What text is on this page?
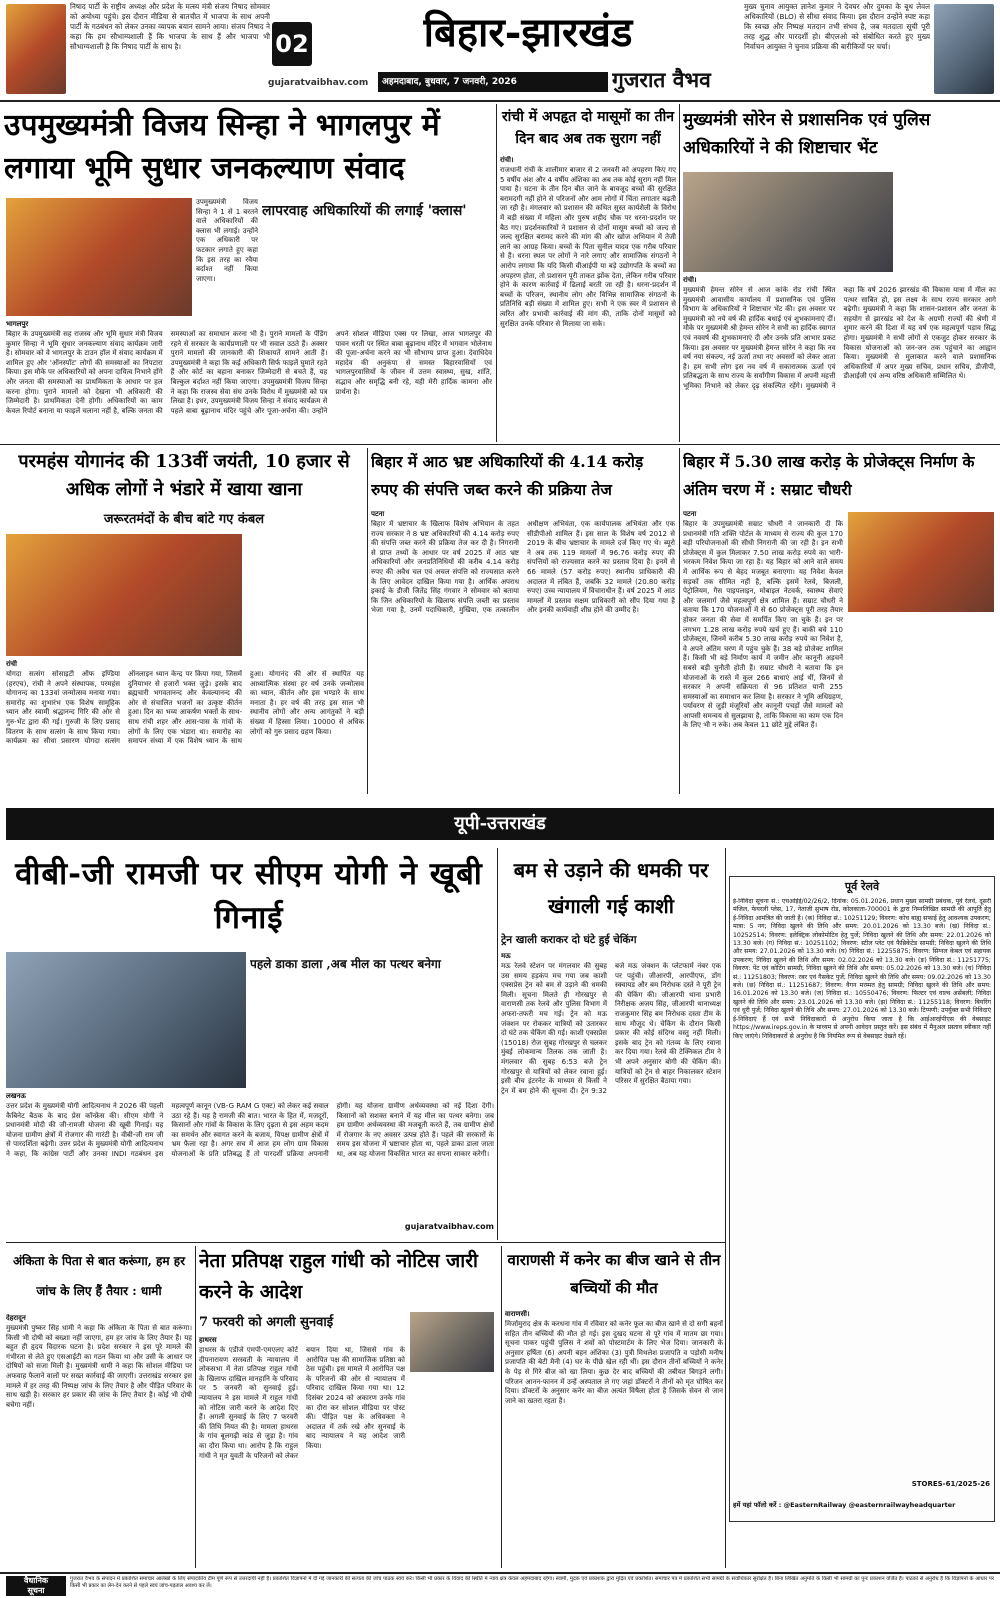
निषाद पार्टी के राष्ट्रीय अध्यक्ष और प्रदेश के मत्स्य मंत्री संजय निषाद सोमवार को अयोध्या पहुंचे। इस दौरान मीडिया से बातचीत में भाजपा के साथ अपनी पार्टी के गठबंधन को लेकर उनका व्यापक बयान सामने आया। संजय निषाद ने कहा कि हम सौभाग्यशाली हैं कि भाजपा के साथ हैं और भाजपा भी सौभाग्यशाली है कि निषाद पार्टी के साथ है।	02
gujaratvaibhav.com
बिहार-झारखंड
अहमदाबाद, बुधवार, 7 जनवरी, 2026	गुजरात वैभव
मुख्य चुनाव आयुक्त ज्ञानेश कुमार ने देवघर और दुमका के बूथ लेवल अधिकारियों (BLO) से सीधा संवाद किया। इस दौरान उन्होंने स्पष्ट कहा कि स्वच्छ और निष्पक्ष मतदान तभी संभव है, जब मतदाता सूची पूरी तरह शुद्ध और पारदर्शी हो। बीएलओ को संबोधित करते हुए मुख्य निर्वाचन आयुक्त ने चुनाव प्रक्रिया की बारीकियों पर चर्चा।
उपमुख्यमंत्री विजय सिन्हा ने भागलपुर में लगाया भूमि सुधार जनकल्याण संवाद
उपमुख्यमंत्री विजय सिन्हा ने 1 से 1 बरतने वाले अधिकारियों की क्लास भी लगाई। उन्होंने एक अधिकारी पर फटकार लगाते हुए कहा कि इस तरह का रवैया बर्दाश्त नहीं किया जाएगा।
लापरवाह अधिकारियों की लगाई 'क्लास'
भागलपुर
बिहार के उपमुख्यमंत्री सह राजस्व और भूमि सुधार मंत्री विजय कुमार सिन्हा ने भूमि सुधार जनकल्याण संवाद कार्यक्रम जारी है। सोमवार को वे भागलपुर के टाउन हॉल में संवाद कार्यक्रम में शामिल हुए और 'ऑनस्पॉट' लोगों की समस्याओं का निपटारा किया। इस मौके पर अधिकारियों को अपना दायित्व निभाने होंगे और जनता की समस्याओं का प्राथमिकता के आधार पर हल करना होगा। पुराने मामलों को देखना भी अधिकारी की जिम्मेदारी है। प्राथमिकता देनी होगी। अधिकारियों का काम केवल रिपोर्ट बनाना या फाइलें चलाना नहीं है, बल्कि जनता की समस्याओं का समाधान करना भी है। पुराने मामलों के पेंडिंग रहने से सरकार के कार्यप्रणाली पर भी सवाल उठते हैं। अक्सर पुराने मामलों की जानकारी की शिकायतें सामने आती हैं। उपमुख्यमंत्री ने कहा कि कई अधिकारी सिर्फ फाइलें घुमाते रहते हैं और कोर्ट का बहाना बनाकर जिम्मेदारी से बचते हैं, यह बिल्कुल बर्दाश्त नहीं किया जाएगा। उपमुख्यमंत्री विजय सिन्हा ने कहा कि राजस्व सेवा संघ उनके विरोध में मुख्यमंत्री को पत्र लिखा है। इधर, उपमुख्यमंत्री विजय सिन्हा ने संवाद कार्यक्रम से पहले बाबा बूढ़ानाथ मंदिर पहुंचे और पूजा-अर्चना की। उन्होंने अपने सोशल मीडिया एक्स पर लिखा, आज भागलपुर की पावन धरती पर स्थित बाबा बूढ़ानाथ मंदिर में भगवान भोलेनाथ की पूजा-अर्चना करने का भी सौभाग्य प्राप्त हुआ। देवाधिदेव महादेव की अनुकंपा से समस्त बिहारवासियों एवं भागलपुरवासियों के जीवन में उत्तम स्वास्थ्य, सुख, शांति, सद्भाव और समृद्धि बनी रहे, यही मेरी हार्दिक कामना और प्रार्थना है।
रांची में अपहृत दो मासूमों का तीन दिन बाद अब तक सुराग नहीं
रांची।
राजधानी रांची के शालीमार बाजार से 2 जनवरी को अपहरण किए गए 5 वर्षीय अंश और 4 वर्षीय अंशिका का अब तक कोई सुराग नहीं मिल पाया है। घटना के तीन दिन बीत जाने के बावजूद बच्चों की सुरक्षित बरामदगी नहीं होने से परिजनों और आम लोगों में चिंता लगातार बढ़ती जा रही है। मंगलवार को प्रशासन की कथित सुस्त कार्यशैली के विरोध में बड़ी संख्या में महिला और पुरुष शहीद चौक पर धरना-प्रदर्शन पर बैठ गए। प्रदर्शनकारियों ने प्रशासन से दोनों मासूम बच्चों को जल्द से जल्द सुरक्षित बरामद करने की मांग की और खोज अभियान में तेजी लाने का आग्रह किया। बच्चों के पिता सुनील यादव एक गरीब परिवार से हैं। धरना स्थल पर लोगों ने नारे लगाए और सामाजिक संगठनों ने आरोप लगाया कि यदि किसी वीआईपी या बड़े उद्योगपति के बच्चों का अपहरण होता, तो प्रशासन पूरी ताकत झोंक देता, लेकिन गरीब परिवार होने के कारण कार्रवाई में ढिलाई बरती जा रही है। धरना-प्रदर्शन में बच्चों के परिजन, स्थानीय लोग और विभिन्न सामाजिक संगठनों के प्रतिनिधि बड़ी संख्या में शामिल हुए। सभी ने एक स्वर में प्रशासन से त्वरित और प्रभावी कार्रवाई की मांग की, ताकि दोनों मासूमों को सुरक्षित उनके परिवार से मिलाया जा सके।
मुख्यमंत्री सोरेन से प्रशासनिक एवं पुलिस अधिकारियों ने की शिष्टाचार भेंट
रांची।
मुख्यमंत्री हेमन्त सोरेन से आज कांके रोड रांची स्थित मुख्यमंत्री आवासीय कार्यालय में प्रशासनिक एवं पुलिस विभाग के अधिकारियों ने शिष्टाचार भेंट की। इस अवसर पर मुख्यमंत्री को नये वर्ष की हार्दिक बधाई एवं शुभकामनाएं दीं। मौके पर मुख्यमंत्री श्री हेमन्त सोरेन ने सभी का हार्दिक स्वागत एवं नववर्ष की शुभकामनाएं दी और उनके प्रति आभार प्रकट किया। इस अवसर पर मुख्यमंत्री हेमन्त सोरेन ने कहा कि नव वर्ष नया संकल्प, नई ऊर्जा तथा नए अवसरों को लेकर आता है। हम सभी लोग इस नव वर्ष में सकारात्मक ऊर्जा एवं प्रतिबद्धता के साथ राज्य के सर्वांगीण विकास में अपनी महत्ती भूमिका निभाने को लेकर दृढ़ संकल्पित रहेंगे। मुख्यमंत्री ने कहा कि वर्ष 2026 झारखंड की विकास यात्रा में मील का पत्थर साबित हो, इस लक्ष्य के साथ राज्य सरकार आगे बढ़ेगी। मुख्यमंत्री ने कहा कि शासन-प्रशासन और जनता के सहयोग से झारखंड को देश के अग्रणी राज्यों की श्रेणी में शुमार करने की दिशा में यह वर्ष एक महत्वपूर्ण पड़ाव सिद्ध होगा। मुख्यमंत्री ने सभी लोगों से एकजुट होकर सरकार के विकास योजनाओं को जन-जन तक पहुंचाने का आह्वान किया। मुख्यमंत्री से मुलाकात करने वाले प्रशासनिक अधिकारियों में अपर मुख्य सचिव, प्रधान सचिव, डीजीपी, डीआईजी एवं अन्य वरिष्ठ अधिकारी सम्मिलित थे।
परमहंस योगानंद की 133वीं जयंती, 10 हजार से अधिक लोगों ने भंडारे में खाया खाना
जरूरतमंदों के बीच बांटे गए कंबल
रांची
योगदा सत्संग सोसाइटी ऑफ इण्डिया (हरएच), रांची ने अपने संस्थापक, परमहंस योगानन्द का 133वां जन्मोत्सव मनाया गया। समारोह का शुभारंभ एक विशेष सामूहिक ध्यान और स्वामी श्रद्धानन्द गिरि की ओर से गुरु-भेंट द्वारा की गई। गुरुजी के लिए प्रसाद वितरण के साथ सत्संग के साथ किया गया। कार्यक्रम का सीधा प्रसारण योगदा सत्संग ऑनलाइन ध्यान केन्द्र पर किया गया, जिसमें दुनियाभर से हजारों भक्त जुड़े। इसके बाद ब्रह्मचारी भगवतानन्द और केवल्यानन्द की ओर से संचालित भजनों का उत्कृष्ट कीर्तन हुआ। दिन का भव्य आकर्षण भक्तों के साथ-साथ रांची शहर और आस-पास के गांवों के लोगों के लिए एक भंडारा था। समारोह का समापन संध्या में एक विशेष ध्यान के साथ हुआ। योगानंद की ओर से स्थापित यह आध्यात्मिक संस्था हर वर्ष उनके जन्मोत्सव का ध्यान, कीर्तन और इस भण्डारे के साथ मनाता है। हर वर्ष की तरह इस साल भी स्थानीय लोगों और अन्य आगंतुकों ने बड़ी संख्या में हिस्सा लिया। 10000 से अधिक लोगों को गुरु प्रसाद ग्रहण किया।
बिहार में आठ भ्रष्ट अधिकारियों की 4.14 करोड़ रुपए की संपत्ति जब्त करने की प्रक्रिया तेज
पटना
बिहार में भ्रष्टाचार के खिलाफ विशेष अभियान के तहत राज्य सरकार ने 8 भ्रष्ट अधिकारियों की 4.14 करोड़ रुपए की संपत्ति जब्त करने की प्रक्रिया तेज कर दी है। निगरानी से प्राप्त तथ्यों के आधार पर वर्ष 2025 में आठ भ्रष्ट अधिकारियों और जनप्रतिनिधियों की करीब 4.14 करोड़ रुपए की अवैध चल एवं अचल संपत्ति को राज्यसात करने के लिए आवेदन दाखिल किया गया है। आर्थिक अपराध इकाई के डीजी जितेंद्र सिंह गंगवार ने सोमवार को बताया कि जिन अधिकारियों के खिलाफ संपत्ति जब्ती का प्रस्ताव भेजा गया है, उनमें पदाधिकारी, मुखिया, एक तत्कालीन अधीक्षण अभियंता, एक कार्यपालक अभियंता और एक सीडीपीओ शामिल हैं। इस साल के विशेष वर्ष 2012 से 2019 के बीच भ्रष्टाचार के मामले दर्ज किए गए थे। ब्यूरो ने अब तक 119 मामलों में 96.76 करोड़ रुपए की संपत्तियों को राज्यसात करने का प्रस्ताव दिया है। इनमें से 66 मामले (57 करोड़ रुपए) स्थानीय प्राधिकारी की अदालत में लंबित हैं, जबकि 32 मामले (20.80 करोड़ रुपए) उच्च न्यायालय में विचाराधीन हैं। वर्ष 2025 में आठ मामलों में प्रस्ताव सक्षम प्राधिकारी को सौंप दिया गया है और इनकी कार्यवाही शीघ्र होने की उम्मीद है।
बिहार में 5.30 लाख करोड़ के प्रोजेक्ट्स निर्माण के अंतिम चरण में : सम्राट चौधरी
पटना
बिहार के उपमुख्यमंत्री सम्राट चौधरी ने जानकारी दी कि प्रधानमंत्री गति शक्ति पोर्टल के माध्यम से राज्य की कुल 170 बड़ी परियोजनाओं की सीधी निगरानी की जा रही है। इन सभी प्रोजेक्ट्स में कुल मिलाकर 7.50 लाख करोड़ रुपये का भारी-भरकम निवेश किया जा रहा है। यह बिहार को आने वाले समय में आर्थिक रूप से बेहद मजबूत बनाएगा। यह निवेश केवल सड़कों तक सीमित नहीं है, बल्कि इसमें रेलवे, बिजली, पेट्रोलियम, गैस पाइपलाइन, मोबाइल नेटवर्क, स्वास्थ्य सेवाएं और जलमार्ग जैसे महत्वपूर्ण क्षेत्र शामिल हैं। सम्राट चौधरी ने बताया कि 170 योजनाओं में से 60 प्रोजेक्ट्स पूरी तरह तैयार होकर जनता की सेवा में समर्पित किए जा चुके हैं। इन पर लगभग 1.28 लाख करोड़ रुपये खर्च हुए हैं। बाकी बचे 110 प्रोजेक्ट्स, जिनमें करीब 5.30 लाख करोड़ रुपये का निवेश है, वे अपने अंतिम चरण में पहुंच चुके हैं। 38 बड़े प्रोजेक्ट शामिल हैं। किसी भी बड़े निर्माण कार्य में जमीन और कानूनी अड़चनें सबसे बड़ी चुनौती होती हैं। सम्राट चौधरी ने बताया कि इन योजनाओं के रास्ते में कुल 266 बाधाएं आई थीं, जिनमें से सरकार ने अपनी सक्रियता से 96 प्रतिशत यानी 255 समस्याओं का समाधान कर लिया है। सरकार ने भूमि अधिग्रहण, पर्यावरण से जुड़ी मंजूरियों और कानूनी पचड़ों जैसे मामलों को आपसी समन्वय से सुलझाया है, ताकि विकास का काम एक दिन के लिए भी न रुके। अब केवल 11 छोटे मुद्दे लंबित हैं।
यूपी-उत्तराखंड
वीबी-जी रामजी पर सीएम योगी ने खूबी गिनाई
पहले डाका डाला ,अब मील का पत्थर बनेगा
लखनऊ
उत्तर प्रदेश के मुख्यमंत्री योगी आदित्यनाथ ने 2026 की पहली कैबिनेट बैठक के बाद प्रेस कॉन्फ्रेंस की। सीएम योगी ने प्रधानमंत्री मोदी की जी-रामजी योजना की खूबी गिनाई। यह योजना ग्रामीण क्षेत्रों में रोजगार की गारंटी है। वीबी-जी राम जी से पारदर्शिता बढ़ेगी। उत्तर प्रदेश के मुख्यमंत्री योगी आदित्यनाथ ने कहा, कि कांग्रेस पार्टी और उनका INDI गठबंधन इस महत्वपूर्ण कानून (VB-G RAM G एक्ट) को लेकर कई सवाल उठा रहे हैं। यह है रामजी की बात। भारत के हित में, मजदूरों, किसानों और गांवों के विकास के लिए दृढ़ता से इस अहम कदम का समर्थन और स्वागत करने के बजाय, विपक्ष ग्रामीण क्षेत्रों में भ्रम फैला रहा है। अगर सच में आज हम लोग ग्राम विकास योजनाओं के प्रति प्रतिबद्ध हैं तो पारदर्शी प्रक्रिया अपनानी होगी। यह योजना ग्रामीण अर्थव्यवस्था को नई दिशा देगी। किसानों को सशक्त बनाने में यह मील का पत्थर बनेगा। जब हम ग्रामीण अर्थव्यवस्था की मजबूती करते हैं, तब ग्रामीण क्षेत्रों में रोजगार के नए अवसर उत्पन्न होते हैं। पहले की सरकारों के समय इस योजना में भ्रष्टाचार होता था, पहले डाका डाला जाता था, अब यह योजना विकसित भारत का सपना साकार करेगी।
gujaratvaibhav.com
बम से उड़ाने की धमकी पर खंगाली गई काशी
ट्रेन खाली कराकर दो घंटे हुई चेकिंग
मऊ
मऊ रेलवे स्टेशन पर मंगलवार की सुबह उस समय हड़कंप मच गया जब काशी एक्सप्रेस ट्रेन को बम से उड़ाने की धमकी मिली। सूचना मिलते ही गोरखपुर से वाराणसी तक रेलवे और पुलिस विभाग में अफरा-तफरी मच गई। ट्रेन को मऊ जंक्शन पर रोककर यात्रियों को उतारकर दो घंटे तक चेकिंग की गई। काशी एक्सप्रेस (15018) रोज सुबह गोरखपुर से चलकर मुंबई लोकमान्य तिलक तक जाती है। मंगलवार की सुबह 6:53 बजे ट्रेन गोरखपुर से यात्रियों को लेकर रवाना हुई। इसी बीच इंटरनेट के माध्यम से किसी ने ट्रेन में बम होने की सूचना दी। ट्रेन 9:32 बजे मऊ जंक्शन के प्लेटफार्म नंबर एक पर पहुंची। जीआरपी, आरपीएफ, डॉग स्क्वायड और बम निरोधक दस्ते ने पूरी ट्रेन की चेकिंग की। जीआरपी थाना प्रभारी निरीक्षक अजय सिंह, जीआरपी थानाध्यक्ष राजकुमार सिंह बम निरोधक दस्ता टीम के साथ मौजूद थे। चेकिंग के दौरान किसी प्रकार की कोई संदिग्ध वस्तु नहीं मिली। इसके बाद ट्रेन को गंतव्य के लिए रवाना कर दिया गया। रेलवे की टेक्निकल टीम ने भी अपने अनुसार बोगी की चेकिंग की। यात्रियों को ट्रेन से बाहर निकालकर स्टेशन परिसर में सुरक्षित बैठाया गया।
पूर्व रेलवे
ई-निविदा सूचना सं.: एचओईई/02/26/2, दिनांक: 05.01.2026, प्रधान मुख्य सामग्री प्रबंधक, पूर्व रेलवे, दूसरी मंजिल, फेयरली प्लेस, 17, नेताजी सुभाष रोड, कोलकाता-700001 के द्वारा निम्नलिखित सामग्री की आपूर्ति हेतु ई-निविदा आमंत्रित की जाती है। (क) निविदा सं.: 10251129; विवरण: कोच बाह्य सफाई हेतु आवश्यक उपकरण; मात्रा: 5 नग; निविदा खुलने की तिथि और समय: 20.01.2026 को 13.30 बजे। (ख) निविदा सं.: 10252514; विवरण: इलेक्ट्रिक लोकोमोटिव हेतु पुर्जे; निविदा खुलने की तिथि और समय: 22.01.2026 को 13.30 बजे। (ग) निविदा सं.: 10251102; विवरण: स्टील प्लेट एवं फैब्रिकेटेड सामग्री; निविदा खुलने की तिथि और समय: 27.01.2026 को 13.30 बजे। (घ) निविदा सं.: 12255875; विवरण: सिग्नल केबल एवं सहायक उपकरण; निविदा खुलने की तिथि और समय: 02.02.2026 को 13.30 बजे। (ङ) निविदा सं.: 11251775; विवरण: पेंट एवं कोटिंग सामग्री; निविदा खुलने की तिथि और समय: 05.02.2026 को 13.30 बजे। (च) निविदा सं.: 11251803; विवरण: रबर एवं गैसकेट पुर्जे; निविदा खुलने की तिथि और समय: 09.02.2026 को 13.30 बजे। (छ) निविदा सं.: 11251687; विवरण: वैगन मरम्मत हेतु सामग्री; निविदा खुलने की तिथि और समय: 16.01.2026 को 13.30 बजे। (ज) निविदा सं.: 10550476; विवरण: फिल्टर एवं वाल्व असेंबली; निविदा खुलने की तिथि और समय: 23.01.2026 को 13.30 बजे। (झ) निविदा सं.: 11255118; विवरण: बियरिंग एवं धुरी पुर्जे; निविदा खुलने की तिथि और समय: 27.01.2026 को 13.30 बजे। टिप्पणी: उपर्युक्त सभी निविदाएं ई-निविदाएं हैं एवं सभी निविदाकारों से अनुरोध किया जाता है कि आईआरईपीएस की वेबसाइट https://www.ireps.gov.in के माध्यम से अपनी आवेदन प्रस्तुत करें। इस संबंध में मैनुअल प्रस्ताव स्वीकार नहीं किए जाएंगे। निविदाकारों से अनुरोध है कि नियमित रूप से वेबसाइट देखते रहें।
STORES-61/2025-26
हमें यहां फॉलो करें : @EasternRailway @easternrailwayheadquarter
अंकिता के पिता से बात करूंगा, हम हर जांच के लिए हैं तैयार : धामी
देहरादून
मुख्यमंत्री पुष्कर सिंह धामी ने कहा कि अंकिता के पिता से बात करूंगा। किसी भी दोषी को बख्शा नहीं जाएगा, हम हर जांच के लिए तैयार हैं। यह बहुत ही हृदय विदारक घटना है। प्रदेश सरकार ने इस पूरे मामले की गंभीरता से लेते हुए एसआईटी का गठन किया था और उसी के आधार पर दोषियों को सजा मिली है। मुख्यमंत्री धामी ने कहा कि सोशल मीडिया पर अफवाह फैलाने वालों पर सख्त कार्रवाई की जाएगी। उत्तराखंड सरकार इस मामले में हर तरह की निष्पक्ष जांच के लिए तैयार है और पीड़ित परिवार के साथ खड़ी है। सरकार हर प्रकार की जांच के लिए तैयार है। कोई भी दोषी बचेगा नहीं।
नेता प्रतिपक्ष राहुल गांधी को नोटिस जारी करने के आदेश
7 फरवरी को अगली सुनवाई
हाथरस
हाथरस के एडीजे एमपी-एमएलए कोर्ट दीपनारायण सरस्वती के न्यायालय में लोकसभा में नेता प्रतिपक्ष राहुल गांधी के खिलाफ दाखिल मानहानि के परिवाद पर 5 जनवरी को सुनवाई हुई। न्यायालय ने इस मामले में राहुल गांधी को नोटिस जारी करने के आदेश दिए हैं। अगली सुनवाई के लिए 7 फरवरी की तिथि नियत की है। मामला हाथरस के गांव बूलगढ़ी कांड से जुड़ा है। गांव का दौरा किया था। आरोप है कि राहुल गांधी ने मृत युवती के परिजनों को लेकर बयान दिया था, जिससे गांव के आरोपित पक्ष की सामाजिक प्रतिष्ठा को ठेस पहुंची। इस मामले में आरोपित पक्ष के परिजनों की ओर से न्यायालय में परिवाद दाखिल किया गया था। 12 दिसंबर 2024 को अकारण उनके गांव का दौरा कर सोशल मीडिया पर पोस्ट की। पीड़ित पक्ष के अधिवक्ता ने अदालत में तर्क रखे और सुनवाई के बाद न्यायालय ने यह आदेश जारी किया।
वाराणसी में कनेर का बीज खाने से तीन बच्चियों की मौत
वाराणसी।
मिर्जामुराद क्षेत्र के करधना गांव में रविवार को कनेर फूल का बीज खाने से दो सगी बहनों सहित तीन बच्चियों की मौत हो गई। इस दुखद घटना से पूरे गांव में मातम छा गया। सूचना पाकर पहुंची पुलिस ने शवों को पोस्टमार्टम के लिए भेज दिया। जानकारी के अनुसार हर्षिता (6) अपनी बहन अंशिका (3) पुत्री मिथलेश प्रजापति व पड़ोसी मनीष प्रजापति की बेटी मैनी (4) घर के पीछे खेल रही थीं। इस दौरान तीनों बच्चियों ने कनेर के पेड़ से गिरे बीज को खा लिया। कुछ देर बाद बच्चियों की तबीयत बिगड़ने लगी। परिजन आनन-फानन में उन्हें अस्पताल ले गए जहां डॉक्टरों ने तीनों को मृत घोषित कर दिया। डॉक्टरों के अनुसार कनेर का बीज अत्यंत विषैला होता है जिसके सेवन से जान जाने का खतरा रहता है।
वैधानिक
सूचना
गुजरात वैभव के संपादन में प्रकाशित समाचार आलेखों के लिए संपादकीय टीम पूर्ण रूप से उत्तरदायी नहीं है। प्रकाशित विज्ञापनों में दी गई जानकारी की सत्यता की जांच पाठक स्वयं करें। किसी भी प्रकार के विवाद की स्थिति में न्याय क्षेत्र केवल अहमदाबाद रहेगा। स्वामी, मुद्रक एवं प्रकाशक द्वारा मुद्रित एवं प्रकाशित। समाचार पत्र में प्रकाशित सभी सामग्री के सर्वाधिकार सुरक्षित हैं। बिना लिखित अनुमति के किसी भी सामग्री का पुनः प्रकाशन वर्जित है। पाठकों से अनुरोध है कि विज्ञापनों के आधार पर किसी भी प्रकार का लेन-देन करने से पहले स्वयं जांच-पड़ताल अवश्य कर लें।
